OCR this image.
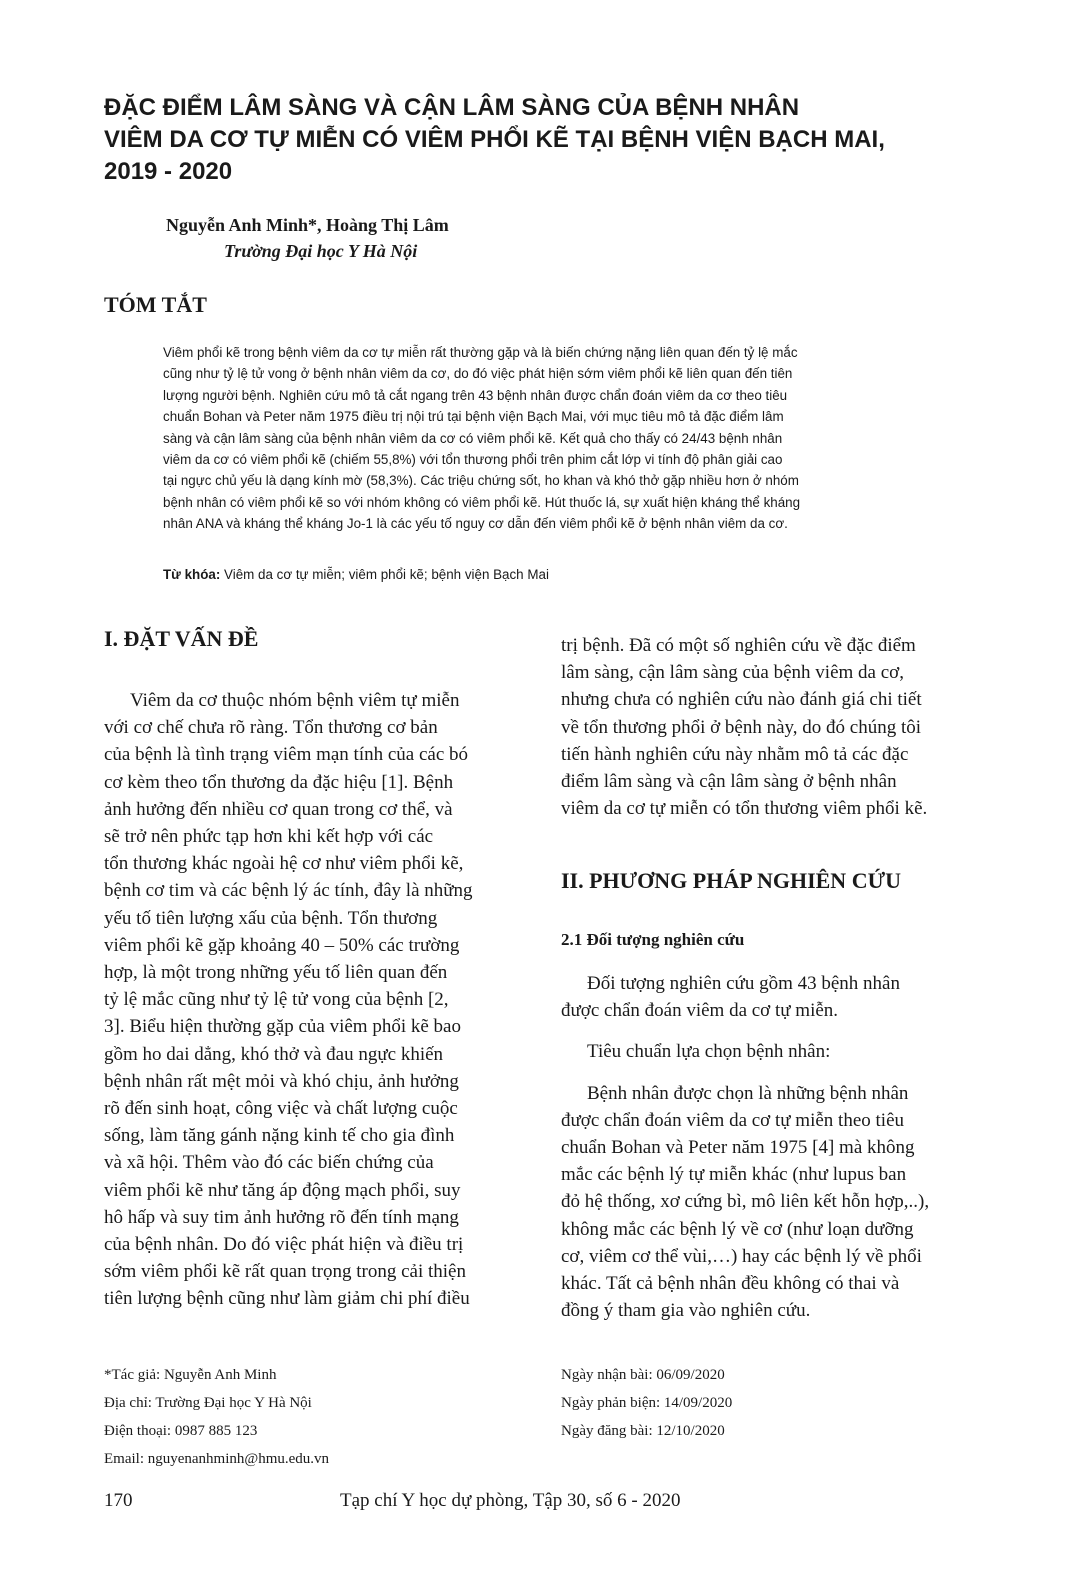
ĐẶC ĐIỂM LÂM SÀNG VÀ CẬN LÂM SÀNG CỦA BỆNH NHÂN
VIÊM DA CƠ TỰ MIỄN CÓ VIÊM PHỔI KẼ TẠI BỆNH VIỆN BẠCH MAI,
2019 - 2020
Nguyễn Anh Minh*, Hoàng Thị Lâm
Trường Đại học Y Hà Nội
TÓM TẮT
Viêm phổi kẽ trong bệnh viêm da cơ tự miễn rất thường gặp và là biến chứng nặng liên quan đến tỷ lệ mắc
cũng như tỷ lệ tử vong ở bệnh nhân viêm da cơ, do đó việc phát hiện sớm viêm phổi kẽ liên quan đến tiên
lượng người bệnh. Nghiên cứu mô tả cắt ngang trên 43 bệnh nhân được chẩn đoán viêm da cơ theo tiêu
chuẩn Bohan và Peter năm 1975 điều trị nội trú tại bệnh viện Bạch Mai, với mục tiêu mô tả đặc điểm lâm
sàng và cận lâm sàng của bệnh nhân viêm da cơ có viêm phổi kẽ. Kết quả cho thấy có 24/43 bệnh nhân
viêm da cơ có viêm phổi kẽ (chiếm 55,8%) với tổn thương phổi trên phim cắt lớp vi tính độ phân giải cao
tại ngực chủ yếu là dạng kính mờ (58,3%). Các triệu chứng sốt, ho khan và khó thở gặp nhiều hơn ở nhóm
bệnh nhân có viêm phổi kẽ so với nhóm không có viêm phổi kẽ. Hút thuốc lá, sự xuất hiện kháng thể kháng
nhân ANA và kháng thể kháng Jo-1 là các yếu tố nguy cơ dẫn đến viêm phổi kẽ ở bệnh nhân viêm da cơ.
Từ khóa: Viêm da cơ tự miễn; viêm phổi kẽ; bệnh viện Bạch Mai
I. ĐẶT VẤN ĐỀ
Viêm da cơ thuộc nhóm bệnh viêm tự miễn
với cơ chế chưa rõ ràng. Tổn thương cơ bản
của bệnh là tình trạng viêm mạn tính của các bó
cơ kèm theo tổn thương da đặc hiệu [1]. Bệnh
ảnh hưởng đến nhiều cơ quan trong cơ thể, và
sẽ trở nên phức tạp hơn khi kết hợp với các
tổn thương khác ngoài hệ cơ như viêm phổi kẽ,
bệnh cơ tim và các bệnh lý ác tính, đây là những
yếu tố tiên lượng xấu của bệnh. Tổn thương
viêm phổi kẽ gặp khoảng 40 – 50% các trường
hợp, là một trong những yếu tố liên quan đến
tỷ lệ mắc cũng như tỷ lệ tử vong của bệnh [2,
3]. Biểu hiện thường gặp của viêm phổi kẽ bao
gồm ho dai dẳng, khó thở và đau ngực khiến
bệnh nhân rất mệt mỏi và khó chịu, ảnh hưởng
rõ đến sinh hoạt, công việc và chất lượng cuộc
sống, làm tăng gánh nặng kinh tế cho gia đình
và xã hội. Thêm vào đó các biến chứng của
viêm phổi kẽ như tăng áp động mạch phổi, suy
hô hấp và suy tim ảnh hưởng rõ đến tính mạng
của bệnh nhân. Do đó việc phát hiện và điều trị
sớm viêm phổi kẽ rất quan trọng trong cải thiện
tiên lượng bệnh cũng như làm giảm chi phí điều
trị bệnh. Đã có một số nghiên cứu về đặc điểm
lâm sàng, cận lâm sàng của bệnh viêm da cơ,
nhưng chưa có nghiên cứu nào đánh giá chi tiết
về tổn thương phổi ở bệnh này, do đó chúng tôi
tiến hành nghiên cứu này nhằm mô tả các đặc
điểm lâm sàng và cận lâm sàng ở bệnh nhân
viêm da cơ tự miễn có tổn thương viêm phổi kẽ.
II. PHƯƠNG PHÁP NGHIÊN CỨU
2.1 Đối tượng nghiên cứu
Đối tượng nghiên cứu gồm 43 bệnh nhân
được chẩn đoán viêm da cơ tự miễn.
Tiêu chuẩn lựa chọn bệnh nhân:
Bệnh nhân được chọn là những bệnh nhân
được chẩn đoán viêm da cơ tự miễn theo tiêu
chuẩn Bohan và Peter năm 1975 [4] mà không
mắc các bệnh lý tự miễn khác (như lupus ban
đỏ hệ thống, xơ cứng bì, mô liên kết hỗn hợp,..),
không mắc các bệnh lý về cơ (như loạn dưỡng
cơ, viêm cơ thể vùi,…) hay các bệnh lý về phổi
khác. Tất cả bệnh nhân đều không có thai và
đồng ý tham gia vào nghiên cứu.
*Tác giả: Nguyễn Anh Minh
Địa chỉ: Trường Đại học Y Hà Nội
Điện thoại: 0987 885 123
Email: nguyenanhminh@hmu.edu.vn
Ngày nhận bài: 06/09/2020
Ngày phản biện: 14/09/2020
Ngày đăng bài: 12/10/2020
170	Tạp chí Y học dự phòng, Tập 30, số 6 - 2020
